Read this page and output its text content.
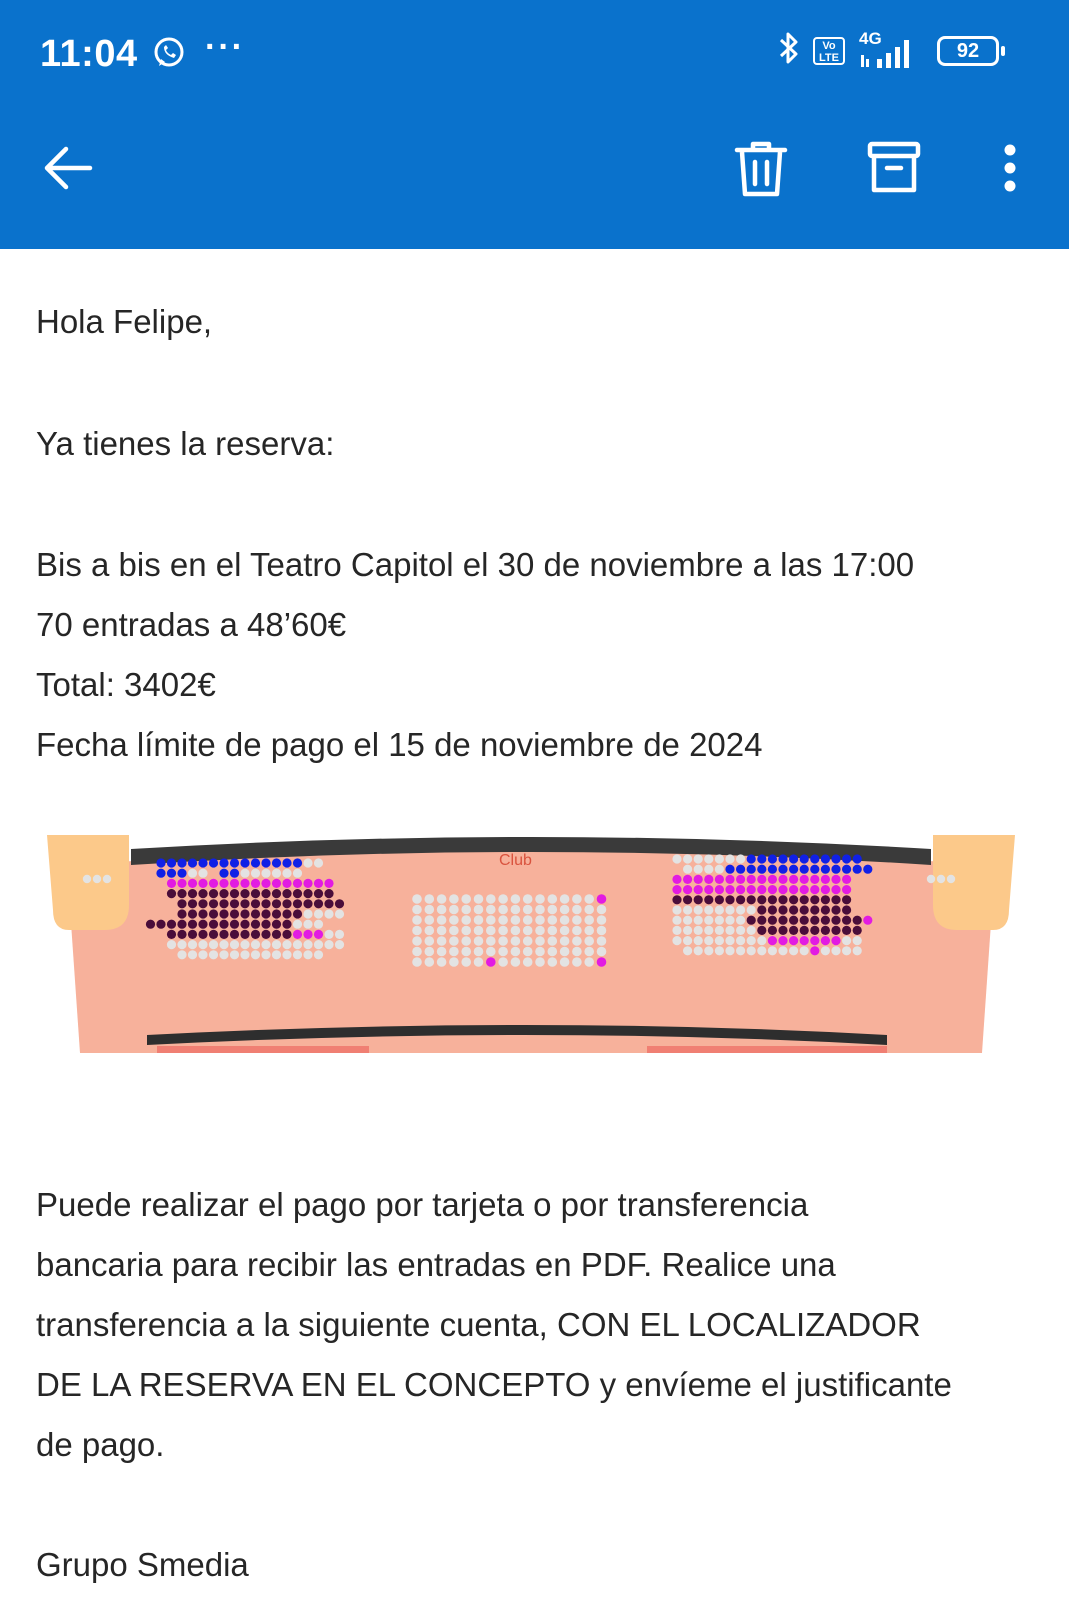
11:04 ···	Vo
LTE
4G
92
Hola Felipe,
Ya tienes la reserva:
Bis a bis en el Teatro Capitol el 30 de noviembre a las 17:00
70 entradas a 48’60€
Total: 3402€
Fecha límite de pago el 15 de noviembre de 2024
Club
Puede realizar el pago por tarjeta o por transferencia
bancaria para recibir las entradas en PDF. Realice una
transferencia a la siguiente cuenta, CON EL LOCALIZADOR
DE LA RESERVA EN EL CONCEPTO y envíeme el justificante
de pago.
Grupo Smedia
